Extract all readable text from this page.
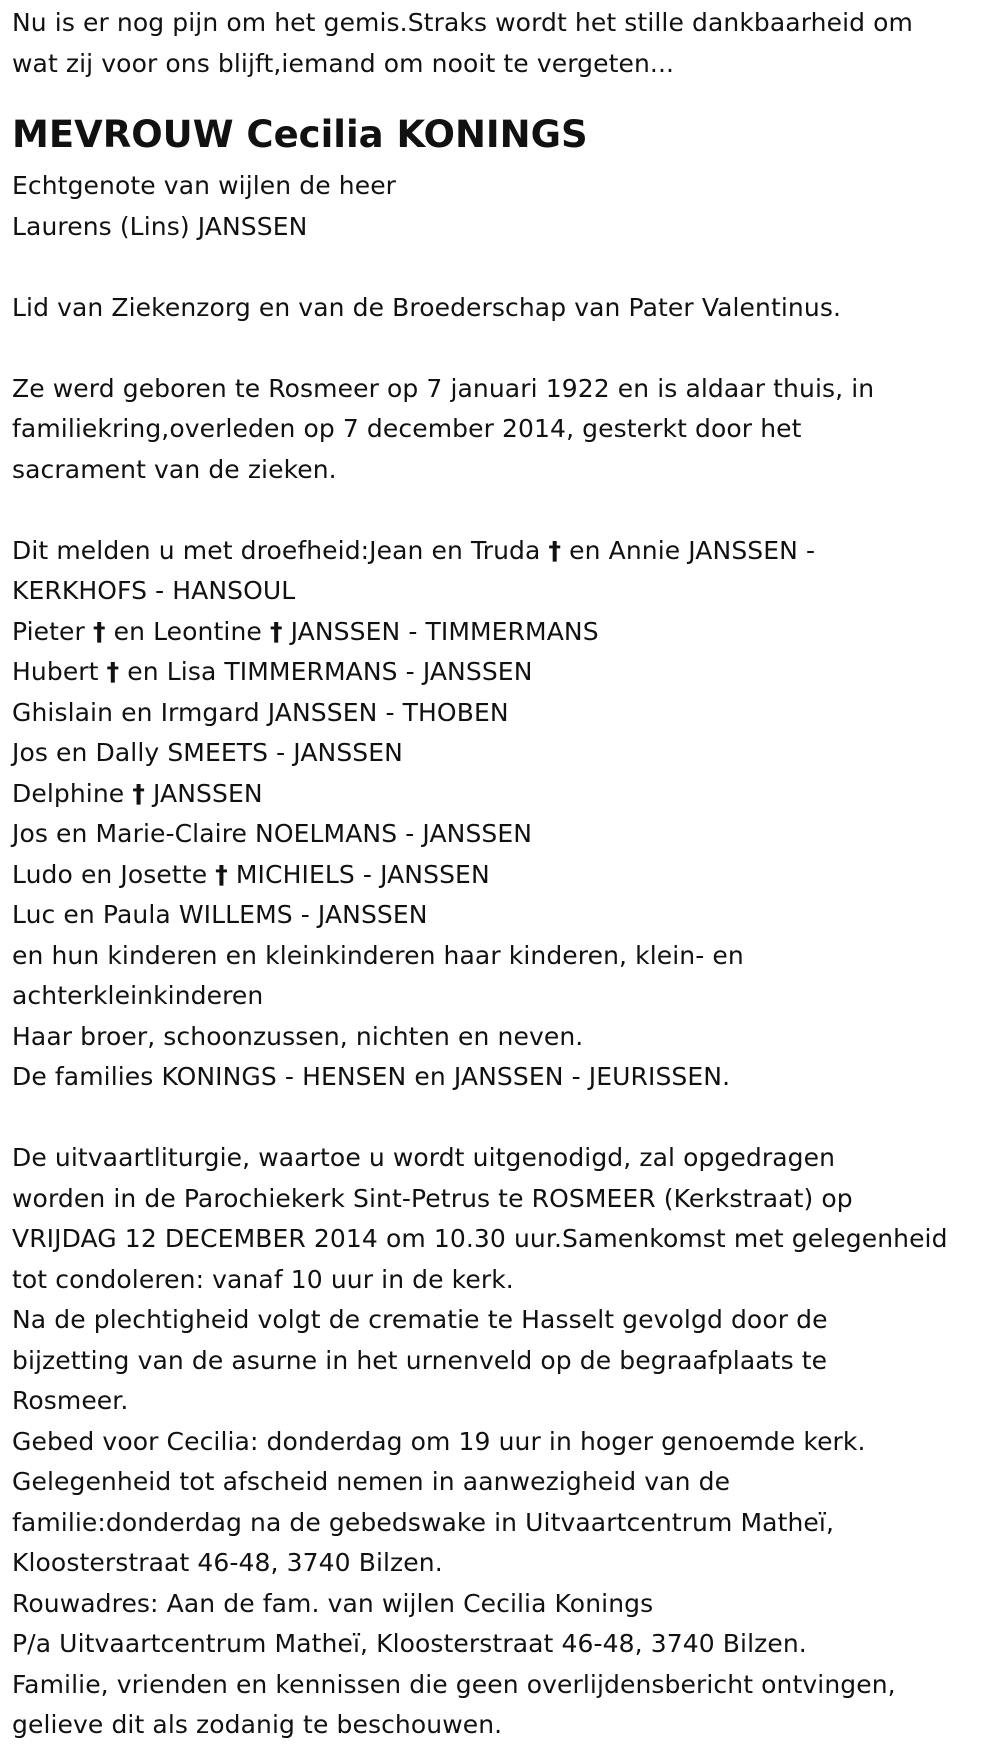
Nu is er nog pijn om het gemis.Straks wordt het stille dankbaarheid om
wat zij voor ons blijft,iemand om nooit te vergeten...
MEVROUW Cecilia KONINGS
Echtgenote van wijlen de heer
Laurens (Lins) JANSSEN
Lid van Ziekenzorg en van de Broederschap van Pater Valentinus.
Ze werd geboren te Rosmeer op 7 januari 1922 en is aldaar thuis, in
familiekring,overleden op 7 december 2014, gesterkt door het
sacrament van de zieken.
Dit melden u met droefheid:Jean en Truda † en Annie JANSSEN -
KERKHOFS - HANSOUL
Pieter † en Leontine † JANSSEN - TIMMERMANS
Hubert † en Lisa TIMMERMANS - JANSSEN
Ghislain en Irmgard JANSSEN - THOBEN
Jos en Dally SMEETS - JANSSEN
Delphine † JANSSEN
Jos en Marie-Claire NOELMANS - JANSSEN
Ludo en Josette † MICHIELS - JANSSEN
Luc en Paula WILLEMS - JANSSEN
en hun kinderen en kleinkinderen haar kinderen, klein- en
achterkleinkinderen
Haar broer, schoonzussen, nichten en neven.
De families KONINGS - HENSEN en JANSSEN - JEURISSEN.
De uitvaartliturgie, waartoe u wordt uitgenodigd, zal opgedragen
worden in de Parochiekerk Sint-Petrus te ROSMEER (Kerkstraat) op
VRIJDAG 12 DECEMBER 2014 om 10.30 uur.Samenkomst met gelegenheid
tot condoleren: vanaf 10 uur in de kerk.
Na de plechtigheid volgt de crematie te Hasselt gevolgd door de
bijzetting van de asurne in het urnenveld op de begraafplaats te
Rosmeer.
Gebed voor Cecilia: donderdag om 19 uur in hoger genoemde kerk.
Gelegenheid tot afscheid nemen in aanwezigheid van de
familie:donderdag na de gebedswake in Uitvaartcentrum Matheï,
Kloosterstraat 46-48, 3740 Bilzen.
Rouwadres: Aan de fam. van wijlen Cecilia Konings
P/a Uitvaartcentrum Matheï, Kloosterstraat 46-48, 3740 Bilzen.
Familie, vrienden en kennissen die geen overlijdensbericht ontvingen,
gelieve dit als zodanig te beschouwen.
